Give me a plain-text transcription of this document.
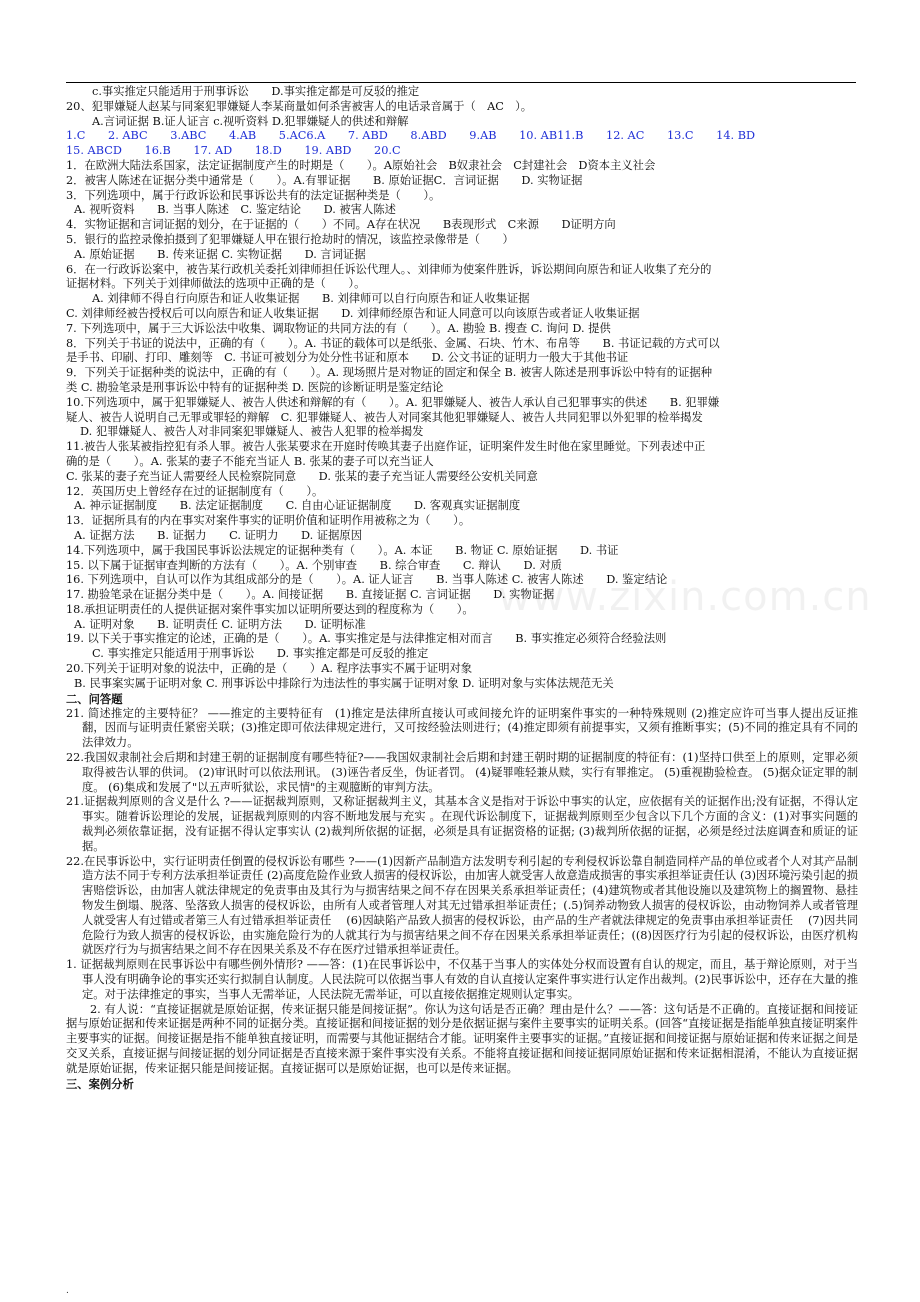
c.事实推定只能适用于刑事诉讼　　D.事实推定都是可反驳的推定
20、犯罪嫌疑人赵某与同案犯罪嫌疑人李某商量如何杀害被害人的电话录音属于（　AC　）。
A.言词证据 B.证人证言 c.视听资料 D.犯罪嫌疑人的供述和辩解
1.C　　2. ABC　　3.ABC　　4.AB　　5.AC6.A　　7. ABD　　8.ABD　　9.AB　　10. AB11.B　　12. AC　　13.C　　14. BD
15. ABCD　　16.B　　17. AD　　18.D　　19. ABD　　20.C
1．在欧洲大陆法系国家，法定证据制度产生的时期是（　　）。A原始社会　B奴隶社会　C封建社会　D资本主义社会
2．被害人陈述在证据分类中通常是（　　）。A.有罪证据　　B. 原始证据C．言词证据　　D. 实物证据
3．下列选项中，属于行政诉讼和民事诉讼共有的法定证据种类是（　　）。
A. 视听资料　　B. 当事人陈述　C. 鉴定结论　　D. 被害人陈述
4．实物证据和言词证据的划分，在于证据的（　　）不同。A存在状况　　B表现形式　C来源　　D证明方向
5．银行的监控录像拍摄到了犯罪嫌疑人甲在银行抢劫时的情况，该监控录像带是（　　）
A. 原始证据　　B. 传来证据 C. 实物证据　　D. 言词证据
6．在一行政诉讼案中，被告某行政机关委托刘律师担任诉讼代理人。、刘律师为使案件胜诉，诉讼期间向原告和证人收集了充分的
证据材料。下列关于刘律师做法的选项中正确的是（　　）。
A. 刘律师不得自行向原告和证人收集证据　　B. 刘律师可以自行向原告和证人收集证据
C. 刘律师经被告授权后可以向原告和证人收集证据　　D. 刘律师经原告和证人同意可以向该原告或者证人收集证据
7. 下列选项中，属于三大诉讼法中收集、调取物证的共同方法的有（　　）。A. 勘验 B. 搜查 C. 询问 D. 提供
8．下列关于书证的说法中，正确的有（　　）。A. 书证的载体可以是纸张、金属、石块、竹木、布帛等　　B. 书证记载的方式可以
是手书、印刷、打印、雕刻等　C. 书证可被划分为处分性书证和原本　　D. 公文书证的证明力一般大于其他书证
9．下列关于证据种类的说法中，正确的有（　　）。A. 现场照片是对物证的固定和保全 B. 被害人陈述是刑事诉讼中特有的证据种
类 C. 勘验笔录是刑事诉讼中特有的证据种类 D. 医院的诊断证明是鉴定结论
10.下列选项中，属于犯罪嫌疑人、被告人供述和辩解的有（　　）。A. 犯罪嫌疑人、被告人承认自己犯罪事实的供述　　B. 犯罪嫌
疑人、被告人说明自己无罪或罪轻的辩解　C. 犯罪嫌疑人、被告人对同案其他犯罪嫌疑人、被告人共同犯罪以外犯罪的检举揭发
D. 犯罪嫌疑人、被告人对非同案犯罪嫌疑人、被告人犯罪的检举揭发
11.被告人张某被指控犯有杀人罪。被告人张某要求在开庭时传唤其妻子出庭作证，证明案件发生时他在家里睡觉。下列表述中正
确的是（　　）。A. 张某的妻子不能充当证人 B. 张某的妻子可以充当证人
C. 张某的妻子充当证人需要经人民检察院同意　　D. 张某的妻子充当证人需要经公安机关同意
12．英国历史上曾经存在过的证据制度有（　　）。
A. 神示证据制度　　B. 法定证据制度　　C. 自由心证证据制度　　D. 客观真实证据制度
13．证据所具有的内在事实对案件事实的证明价值和证明作用被称之为（　　）。
A. 证据方法　　B. 证据力　　C. 证明力　　D. 证据原因
14.下列选项中，属于我国民事诉讼法规定的证据种类有（　　）。A. 本证　　B. 物证 C. 原始证据　　D. 书证
15. 以下属于证据审查判断的方法有（　　）。A. 个别审查　　B. 综合审查　　C. 辩认　　D. 对质
16. 下列选项中，自认可以作为其组成部分的是（　　）。A. 证人证言　　B. 当事人陈述 C. 被害人陈述　　D. 鉴定结论
17. 勘验笔录在证据分类中是（　　）。A. 间接证据　　B. 直接证据 C. 言词证据　　D. 实物证据
18.承担证明责任的人提供证据对案件事实加以证明所要达到的程度称为（　　）。
A. 证明对象　　B. 证明责任 C. 证明方法　　D. 证明标准
19. 以下关于事实推定的论述，正确的是（　　）。A. 事实推定是与法律推定相对而言　　B. 事实推定必须符合经验法则
C. 事实推定只能适用于刑事诉讼　　D. 事实推定都是可反驳的推定
20.下列关于证明对象的说法中，正确的是（　　）A. 程序法事实不属于证明对象
B. 民事案实属于证明对象 C. 刑事诉讼中排除行为违法性的事实属于证明对象 D. 证明对象与实体法规范无关
二、问答题
21. 简述推定的主要特征？ ——推定的主要特征有　(1)推定是法律所直接认可或间接允许的证明案件事实的一种特殊规则 (2)推定应许可当事人提出反证推翻，因而与证明责任紧密关联；(3)推定即可依法律规定进行，又可按经验法则进行；(4)推定即须有前提事实，又须有推断事实；(5)不同的推定具有不同的法律效力。
22.我国奴隶制社会后期和封建王朝的证据制度有哪些特征?——我国奴隶制社会后期和封建王朝时期的证据制度的特征有：(1)坚持口供至上的原则，定罪必须取得被告认罪的供词。 (2)审讯时可以依法刑讯。 (3)诬告者反坐，伪证者罚。 (4)疑罪唯轻兼从赎，实行有罪推定。 (5)重视勘验检查。 (5)据众证定罪的制度。 (6)集成和发展了"以五声听狱讼，求民情"的主观臆断的审判方法。
21.证据裁判原则的含义是什么 ?——证据裁判原则，又称证据裁判主义，其基本含义是指对于诉讼中事实的认定，应依据有关的证据作出;没有证据，不得认定事实。随着诉讼理论的发展，证据裁判原则的内容不断地发展与充实 。在现代诉讼制度下，证据裁判原则至少包含以下几个方面的含义：(1)对事实问题的裁判必须依靠证据，没有证据不得认定事实认 (2)裁判所依据的证据，必须是具有证据资格的证据; (3)裁判所依据的证据，必须是经过法庭调查和质证的证据。
22.在民事诉讼中，实行证明责任倒置的侵权诉讼有哪些 ?——(1)因新产品制造方法发明专利引起的专利侵权诉讼靠自制造同样产品的单位或者个人对其产品制造方法不同于专利方法承担举证责任 (2)高度危险作业致人损害的侵权诉讼，由加害人就受害人故意造成损害的事实承担举证责任认 (3)因环境污染引起的损害赔偿诉讼，由加害人就法律规定的免责事由及其行为与损害结果之间不存在因果关系承担举证责任；(4)建筑物或者其他设施以及建筑物上的搁置物、悬挂物发生倒塌、脱落、坠落致人损害的侵权诉讼，由所有人或者管理人对其无过错承担举证责任；(.5)饲养动物致人损害的侵权诉讼，由动物饲养人或者管理人就受害人有过错或者第三人有过错承担举证责任　 (6)因缺陷产品致人损害的侵权诉讼，由产品的生产者就法律规定的免责事由承担举证责任　 (7)因共同危险行为致人损害的侵权诉讼，由实施危险行为的人就其行为与损害结果之间不存在因果关系承担举证责任；((8)因医疗行为引起的侵权诉讼，由医疗机构就医疗行为与损害结果之间不存在因果关系及不存在医疗过错承担举证责任。
1. 证据裁判原则在民事诉讼中有哪些例外情形? ——答：(1)在民事诉讼中，不仅基于当事人的实体处分权而设置有自认的规定，而且，基于辩论原则，对于当事人没有明确争论的事实还实行拟制自认制度。人民法院可以依据当事人有效的自认直接认定案件事实进行认定作出裁判。(2)民事诉讼中，还存在大量的推定。对于法律推定的事实，当事人无需举证，人民法院无需举证，可以直接依据推定规则认定事实。
2. 有人说：“直接证据就是原始证据，传来证据只能是间接证据”。你认为这句话是否正确？理由是什么？——答：这句话是不正确的。直接证据和间接证据与原始证据和传来证据是两种不同的证据分类。直接证据和间接证据的划分是依据证据与案件主要事实的证明关系。(回答“直接证据是指能单独直接证明案件主要事实的证据。间接证据是指不能单独直接证明，而需要与其他证据结合才能。证明案件主要事实的证据。”直接证据和间接证据与原始证据和传来证据之间是交叉关系，直接证据与间接证据的划分同证据是否直接来源于案件事实没有关系。不能将直接证据和间接证据同原始证据和传来证据相混淆，不能认为直接证据就是原始证据，传来证据只能是间接证据。直接证据可以是原始证据，也可以是传来证据。
三、案例分析
www.zixin.com.cn
.
